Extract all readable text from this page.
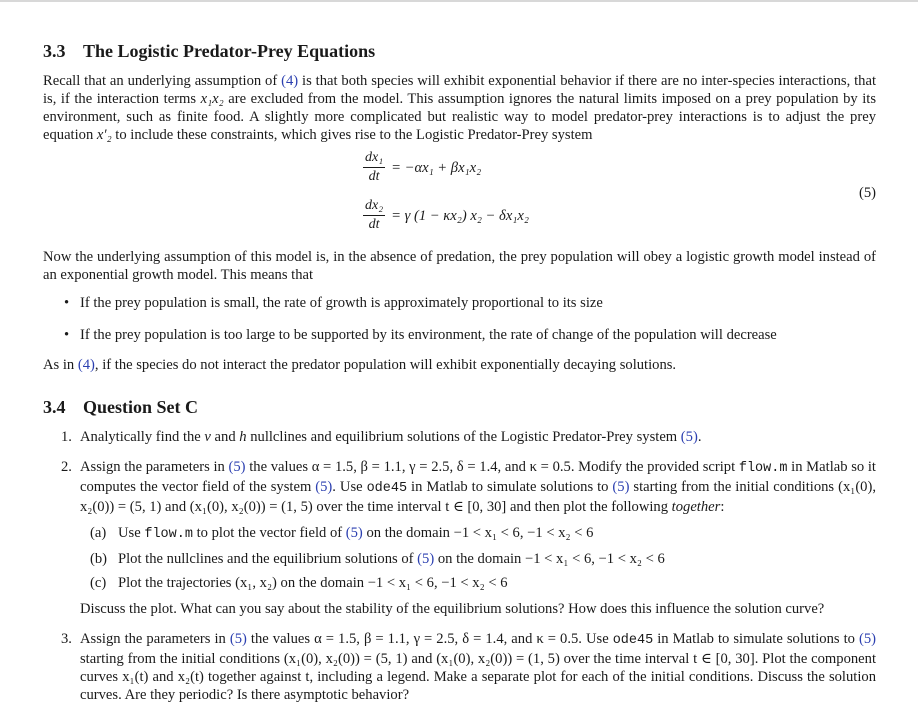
3.3 The Logistic Predator-Prey Equations

Recall that an underlying assumption of (4) is that both species will exhibit exponential behavior if there are no inter-species interactions, that is, if the interaction terms x₁x₂ are excluded from the model. This assumption ignores the natural limits imposed on a prey population by its environment, such as finite food. A slightly more complicated but realistic way to model predator-prey interactions is to adjust the prey equation x′₂ to include these constraints, which gives rise to the Logistic Predator-Prey system

$\frac{\text{dx₁}}{dt} = -\alpha x_1 + \beta x_1x_2$
$\frac{\text{dx₂}}{dt} = \gamma$ (1 − κx₂) x₂ − δx₁x₂
(5)

Now the underlying assumption of this model is, in the absence of predation, the prey population will obey a logistic growth model instead of an exponential growth model. This means that

• If the prey population is small, the rate of growth is approximately proportional to its size
• If the prey population is too large to be supported by its environment, the rate of change of the population will decrease

As in (4), if the species do not interact the predator population will exhibit exponentially decaying solutions.

3.4 Question Set C
1. Analytically find the v and h nullclines and equilibrium solutions of the Logistic Predator-Prey system (5).
2. Assign the parameters in (5) the values α = 1.5, β = 1.1, γ = 2.5, δ = 1.4, and κ = 0.5. Modify the provided script flow.m in Matlab so it computes the vector field of the system (5). Use ode45 in Matlab to simulate solutions to (5) starting from the initial conditions (x₁(0), x₂(0)) = (5, 1) and (x₁(0), x₂(0)) = (1, 5) over the time interval t ∈ [0, 30] and then plot the following together:
(a) Use flow.m to plot the vector field of (5) on the domain −1 < x₁ < 6, −1 < x₂ < 6
(b) Plot the nullclines and the equilibrium solutions of (5) on the domain −1 < x₁ < 6, −1 < x₂ < 6
(c) Plot the trajectories (x₁, x₂) on the domain −1 < x₁ < 6, −1 < x₂ < 6
Discuss the plot. What can you say about the stability of the equilibrium solutions? How does this influence the solution curve?
3. Assign the parameters in (5) the values α = 1.5, β = 1.1, γ = 2.5, δ = 1.4, and κ = 0.5. Use ode45 in Matlab to simulate solutions to (5) starting from the initial conditions (x₁(0), x₂(0)) = (5, 1) and (x₁(0), x₂(0)) = (1, 5) over the time interval t ∈ [0, 30]. Plot the component curves x₁(t) and x₂(t) together against t, including a legend. Make a separate plot for each of the initial conditions. Discuss the solution curves. Are they periodic? Is there asymptotic behavior?
